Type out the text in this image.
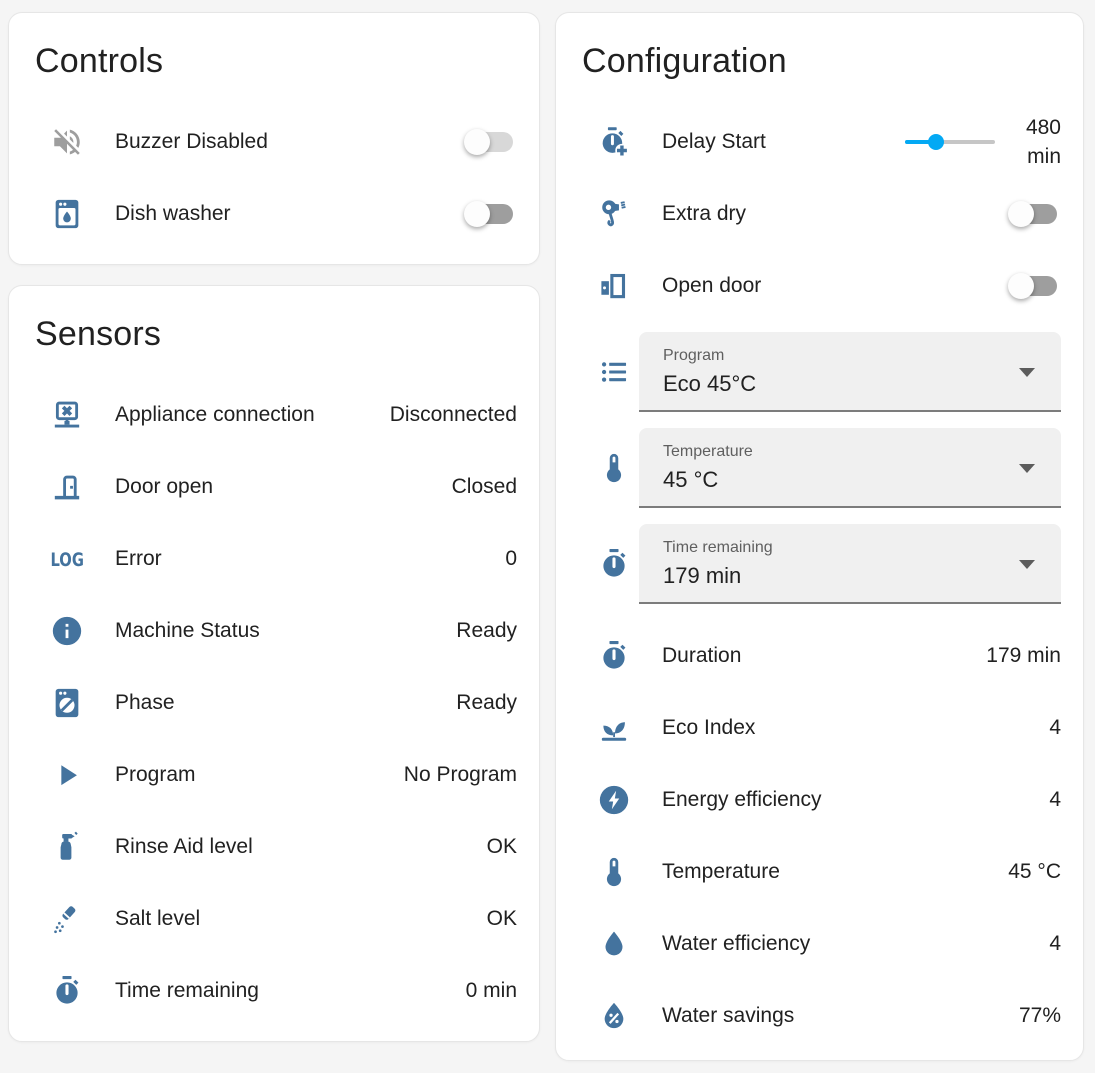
Controls
Buzzer Disabled
Dish washer
Sensors
Appliance connection	Disconnected
Door open	Closed
LOG Error	0
Machine Status	Ready
Phase	Ready
Program	No Program
Rinse Aid level	OK
Salt level	OK
Time remaining	0 min
Configuration
Delay Start
480
min
Extra dry
Open door
Program
Eco 45°C
Temperature
45 °C
Time remaining
179 min
Duration	179 min
Eco Index	4
Energy efficiency	4
Temperature	45 °C
Water efficiency	4
Water savings	77%
